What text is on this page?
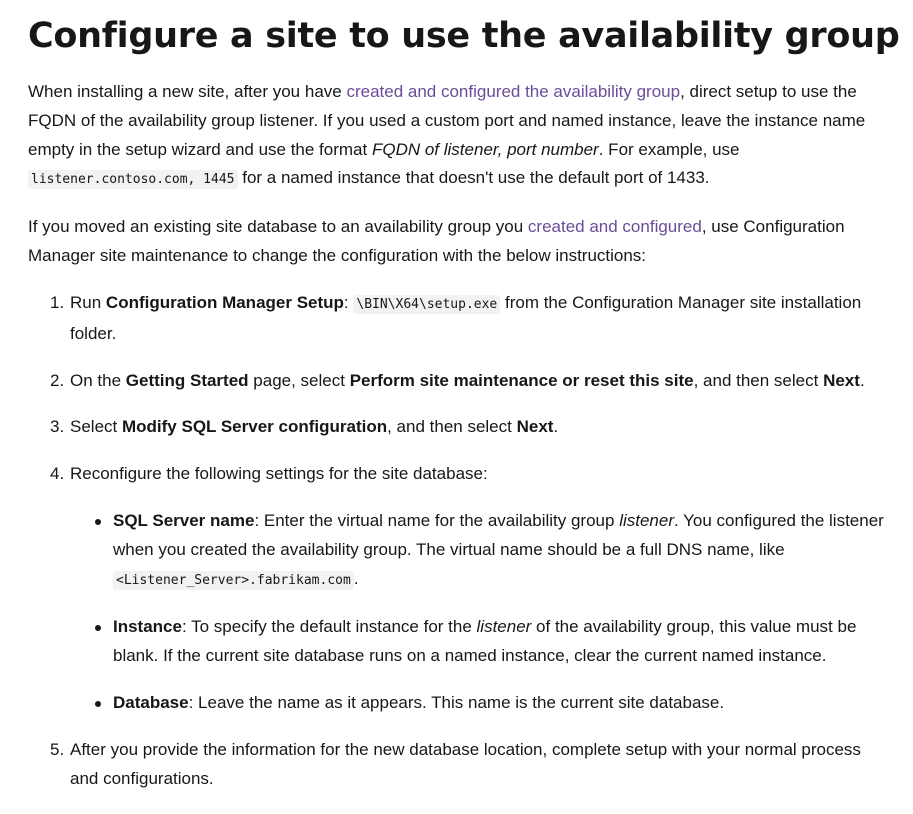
Configure a site to use the availability group

When installing a new site, after you have created and configured the availability group, direct setup to use the FQDN of the availability group listener. If you used a custom port and named instance, leave the instance name empty in the setup wizard and use the format FQDN of listener, port number. For example, use listener.contoso.com, 1445 for a named instance that doesn't use the default port of 1433.

If you moved an existing site database to an availability group you created and configured, use Configuration Manager site maintenance to change the configuration with the below instructions:

1. Run Configuration Manager Setup: \BIN\X64\setup.exe from the Configuration Manager site installation folder.
2. On the Getting Started page, select Perform site maintenance or reset this site, and then select Next.
3. Select Modify SQL Server configuration, and then select Next.
4. Reconfigure the following settings for the site database:
SQL Server name: Enter the virtual name for the availability group listener. You configured the listener when you created the availability group. The virtual name should be a full DNS name, like <Listener_Server>.fabrikam.com .
Instance: To specify the default instance for the listener of the availability group, this value must be blank. If the current site database runs on a named instance, clear the current named instance.
Database: Leave the name as it appears. This name is the current site database.
5. After you provide the information for the new database location, complete setup with your normal process and configurations.
